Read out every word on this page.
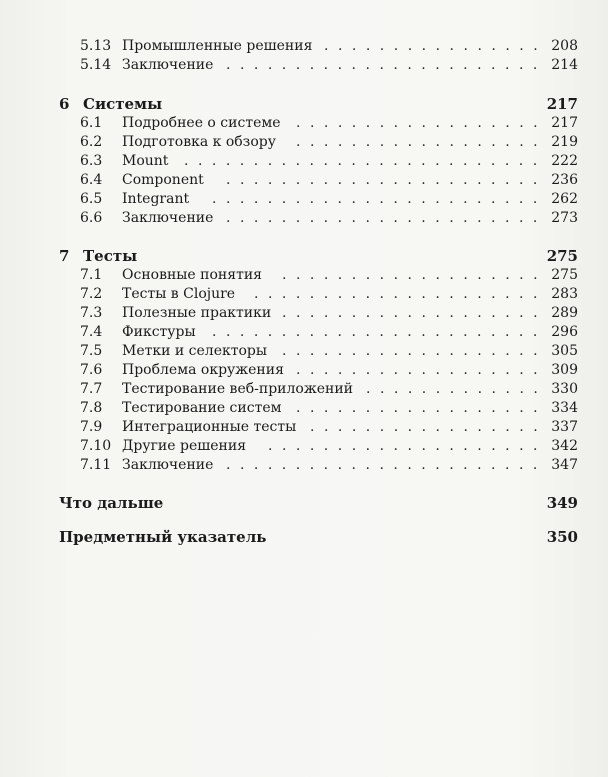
5.13 Промышленные решения	208
................
5.14 Заключение	214
.......................
6 Системы	217
6.1 Подробнее о системе	217
..................
6.2 Подготовка к обзору	219
..................
6.3 Mount	222
..........................
6.4 Component	236
.......................
6.5 Integrant	262
........................
6.6 Заключение	273
.......................
7 Тесты	275
7.1 Основные понятия	275
...................
7.2 Тесты в Clojure	283
.....................
7.3 Полезные практики	289
...................
7.4 Фикстуры	296
........................
7.5 Метки и селекторы	305
...................
7.6 Проблема окружения	309
..................
7.7 Тестирование веб-приложений	330
.............
7.8 Тестирование систем	334
..................
7.9 Интеграционные тесты	337
.................
7.10 Другие решения	342
....................
7.11 Заключение	347
.......................
Что дальше	349
Предметный указатель	350
